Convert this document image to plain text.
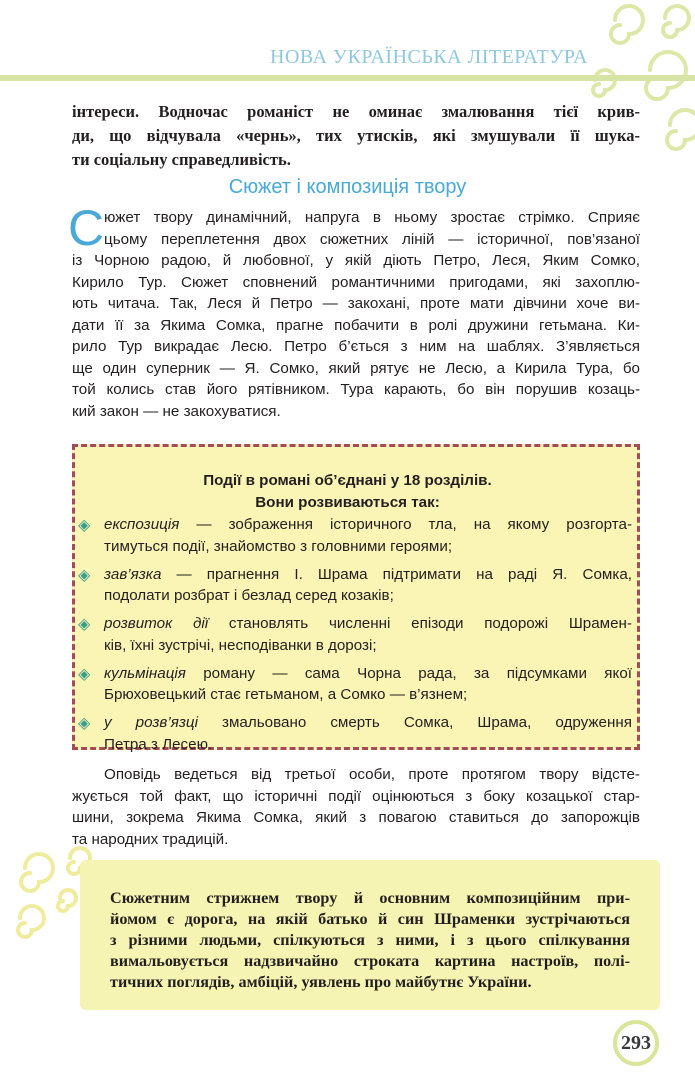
НОВА УКРАЇНСЬКА ЛІТЕРАТУРА
інтереси. Водночас романіст не оминає змалювання тієї крив-
ди, що відчувала «чернь», тих утисків, які змушували її шука-
ти соціальну справедливість.
Сюжет і композиція твору
С южет твору динамічний, напруга в ньому зростає стрімко. Сприяє
цьому переплетення двох сюжетних ліній — історичної, пов’язаної
із Чорною радою, й любовної, у якій діють Петро, Леся, Яким Сомко,
Кирило Тур. Сюжет сповнений романтичними пригодами, які захоплю-
ють читача. Так, Леся й Петро — закохані, проте мати дівчини хоче ви-
дати її за Якима Сомка, прагне побачити в ролі дружини гетьмана. Ки-
рило Тур викрадає Лесю. Петро б’ється з ним на шаблях. З’являється
ще один суперник — Я. Сомко, який рятує не Лесю, а Кирила Тура, бо
той колись став його рятівником. Тура карають, бо він порушив козаць-
кий закон — не закохуватися.
Події в романі об’єднані у 18 розділів.
Вони розвиваються так:
◈ експозиція — зображення історичного тла, на якому розгорта-
тимуться події, знайомство з головними героями;
◈ зав’язка — прагнення І. Шрама підтримати на раді Я. Сомка,
подолати розбрат і безлад серед козаків;
◈ розвиток дії становлять численні епізоди подорожі Шрамен-
ків, їхні зустрічі, несподіванки в дорозі;
◈ кульмінація роману — сама Чорна рада, за підсумками якої
Брюховецький стає гетьманом, а Сомко — в’язнем;
◈ у розв’язці змальовано смерть Сомка, Шрама, одруження
Петра з Лесею.
Оповідь ведеться від третьої особи, проте протягом твору відсте-
жується той факт, що історичні події оцінюються з боку козацької стар-
шини, зокрема Якима Сомка, який з повагою ставиться до запорожців
та народних традицій.
Сюжетним стрижнем твору й основним композиційним при-
йомом є дорога, на якій батько й син Шраменки зустрічаються
з різними людьми, спілкуються з ними, і з цього спілкування
вимальовується надзвичайно строката картина настроїв, полі-
тичних поглядів, амбіцій, уявлень про майбутнє України.
293
